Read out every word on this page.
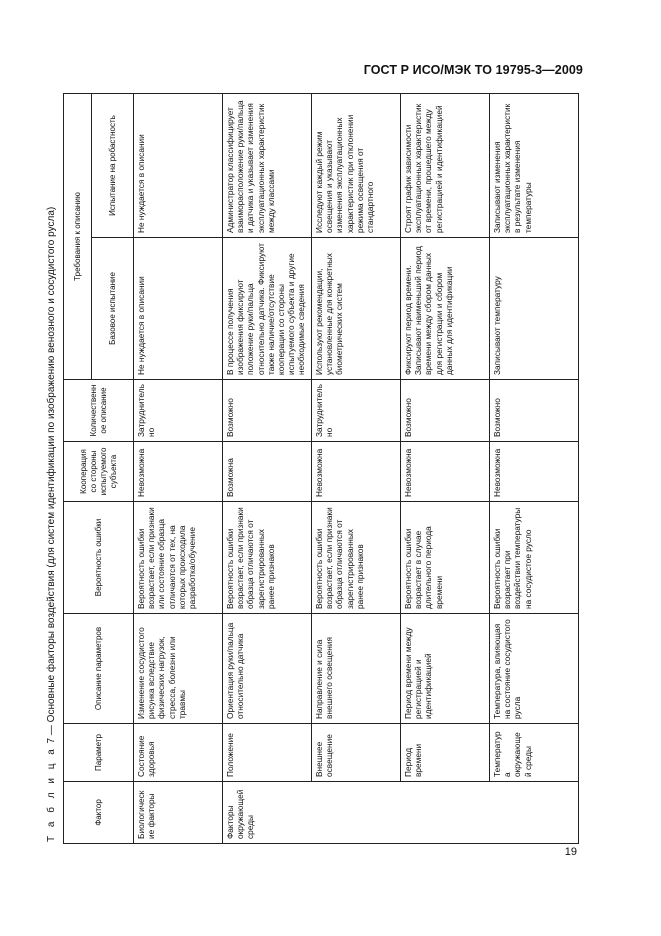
ГОСТ Р ИСО/МЭК ТО 19795-3—2009
Т а б л и ц а 7 — Основные факторы воздействия (для систем идентификации по изображению венозного и сосудистого русла)
Фактор	Параметр	Описание параметров	Вероятность ошибки	Кооперация со стороны испытуемого субъекта	Количественное описание	Требования к описанию	
						Базовое испытание	Испытание на робастность
Биологические факторы	Состояние здоровья	Изменение сосудистого рисунка вследствие физических нагрузок, стресса, болезни или травмы	Вероятность ошибки возрастает, если признаки или состояние образца отличаются от тех, на которых происходила разработка/обучение	Невозможна	Затруднительно	Не нуждается в описании	Не нуждается в описании
Факторы окружающей среды	Положение	Ориентация руки/пальца относительно датчика	Вероятность ошибки возрастает, если признаки образца отличаются от зарегистрированных ранее признаков	Возможна	Возможно	В процессе получения изображения фиксируют положение руки/пальца относительно датчика. Фиксируют также наличие/отсутствие кооперации со стороны испытуемого субъекта и другие необходимые сведения	Администратор классифицирует взаиморасположение руки/пальца и датчика и указывает изменения эксплуатационных характеристик между классами
	Внешнее освещение	Направление и сила внешнего освещения	Вероятность ошибки возрастает, если признаки образца отличаются от зарегистрированных ранее признаков	Невозможна	Затруднительно	Используют рекомендации, установленные для конкретных биометрических систем	Исследуют каждый режим освещения и указывают изменения эксплуатационных характеристик при отклонении режима освещения от стандартного
	Период времени	Период времени между регистрацией и идентификацией	Вероятность ошибки возрастает в случае длительного периода времени	Невозможна	Возможно	Фиксируют период времени. Записывают наименьший период времени между сбором данных для регистрации и сбором данных для идентификации	Строят график зависимости эксплуатационных характеристик от времени, прошедшего между регистрацией и идентификацией
	Температура окружающей среды	Температура, влияющая на состояние сосудистого русла	Вероятность ошибки возрастает при воздействии температуры на сосудистое русло	Невозможна	Возможно	Записывают температуру	Записывают изменения эксплуатационных характеристик в результате изменения температуры
19
